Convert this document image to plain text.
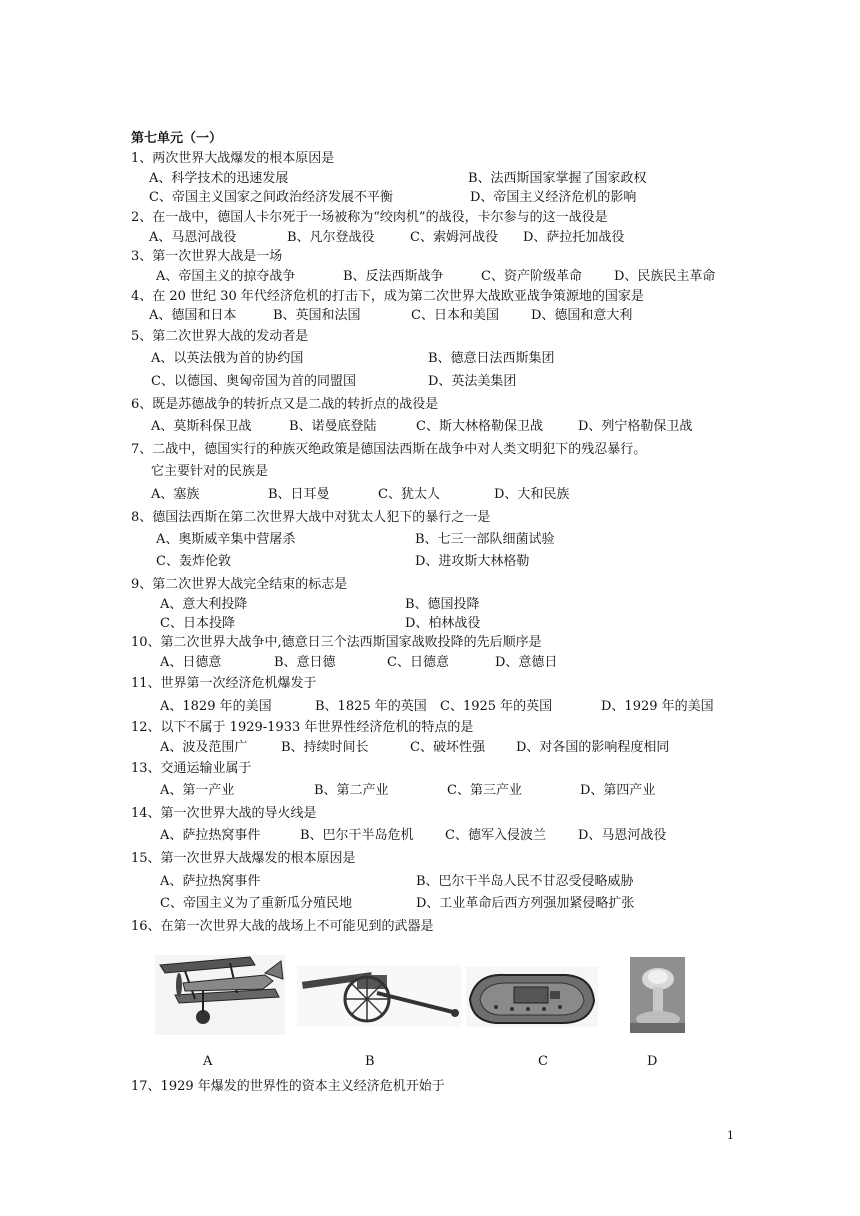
第七单元（一）
1、两次世界大战爆发的根本原因是
A、科学技术的迅速发展	B、法西斯国家掌握了国家政权
C、帝国主义国家之间政治经济发展不平衡	D、帝国主义经济危机的影响
2、在一战中，德国人卡尔死于一场被称为“绞肉机”的战役，卡尔参与的这一战役是
A、马恩河战役	B、凡尔登战役	C、索姆河战役 D、萨拉托加战役
3、第一次世界大战是一场
A、帝国主义的掠夺战争	B、反法西斯战争	C、资产阶级革命 D、民族民主革命
4、在 20 世纪 30 年代经济危机的打击下，成为第二次世界大战欧亚战争策源地的国家是
A、德国和日本	B、英国和法国	C、日本和美国 D、德国和意大利
5、第二次世界大战的发动者是
A、以英法俄为首的协约国	B、德意日法西斯集团
C、以德国、奥匈帝国为首的同盟国	D、英法美集团
6、既是苏德战争的转折点又是二战的转折点的战役是
A、莫斯科保卫战	B、诺曼底登陆	C、斯大林格勒保卫战	D、列宁格勒保卫战
7、二战中，德国实行的种族灭绝政策是德国法西斯在战争中对人类文明犯下的残忍暴行。
它主要针对的民族是
A、塞族	B、日耳曼	C、犹太人	D、大和民族
8、德国法西斯在第二次世界大战中对犹太人犯下的暴行之一是
A、奥斯威辛集中营屠杀	B、七三一部队细菌试验
C、轰炸伦敦	D、进攻斯大林格勒
9、第二次世界大战完全结束的标志是
A、意大利投降	B、德国投降
C、日本投降	D、柏林战役
10、第二次世界大战争中,德意日三个法西斯国家战败投降的先后顺序是
A、日德意	B、意日德	C、日德意	D、意德日
11、世界第一次经济危机爆发于
A、1829 年的美国	B、1825 年的英国 C、1925 年的英国	D、1929 年的美国
12、以下不属于 1929-1933 年世界性经济危机的特点的是
A、波及范围广	B、持续时间长	C、破坏性强 D、对各国的影响程度相同
13、交通运输业属于
A、第一产业	B、第二产业	C、第三产业	D、第四产业
14、第一次世界大战的导火线是
A、萨拉热窝事件	B、巴尔干半岛危机 C、德军入侵波兰 D、马恩河战役
15、第一次世界大战爆发的根本原因是
A、萨拉热窝事件	B、巴尔干半岛人民不甘忍受侵略威胁
C、帝国主义为了重新瓜分殖民地	D、工业革命后西方列强加紧侵略扩张
16、在第一次世界大战的战场上不可能见到的武器是
A	B	C	D
17、1929 年爆发的世界性的资本主义经济危机开始于
1
